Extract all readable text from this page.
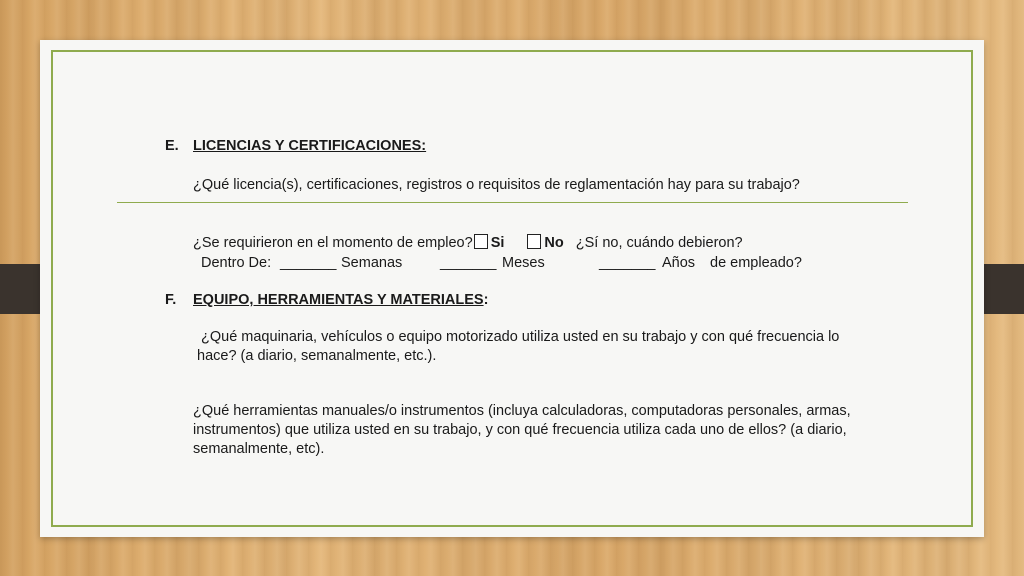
E. LICENCIAS Y CERTIFICACIONES:
¿Qué licencia(s), certificaciones, registros o requisitos de reglamentación hay para su trabajo?
¿Se requirieron en el momento de empleo? Si	No ¿Sí no, cuándo debieron?
Dentro De: _______ Semanas	_______ Meses	_______ Años de empleado?
F. EQUIPO, HERRAMIENTAS Y MATERIALES:
¿Qué maquinaria, vehículos o equipo motorizado utiliza usted en su trabajo y con qué frecuencia lo
hace? (a diario, semanalmente, etc.).
¿Qué herramientas manuales/o instrumentos (incluya calculadoras, computadoras personales, armas,
instrumentos) que utiliza usted en su trabajo, y con qué frecuencia utiliza cada uno de ellos? (a diario,
semanalmente, etc).
